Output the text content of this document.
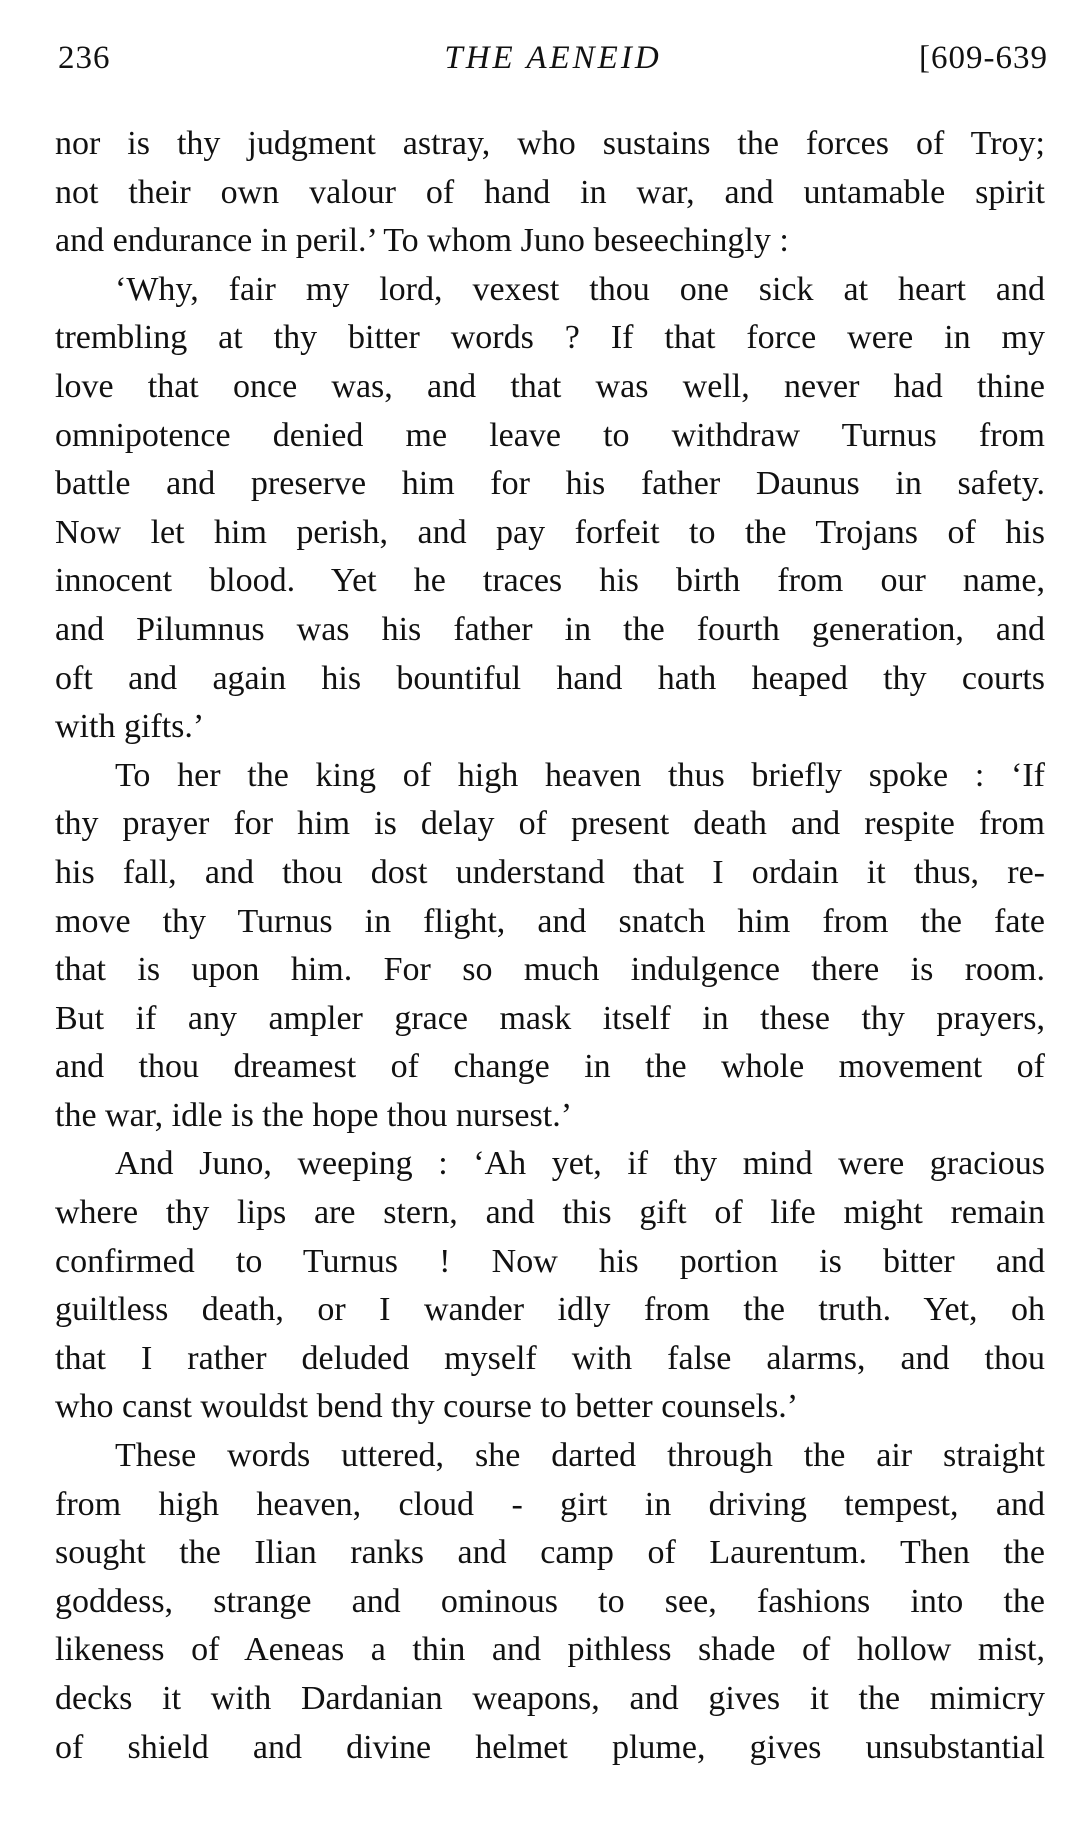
236	THE AENEID	[609-639
nor is thy judgment astray, who sustains the forces of Troy;
not their own valour of hand in war, and untamable spirit
and endurance in peril.’ To whom Juno beseechingly :
‘Why, fair my lord, vexest thou one sick at heart and
trembling at thy bitter words ? If that force were in my
love that once was, and that was well, never had thine
omnipotence denied me leave to withdraw Turnus from
battle and preserve him for his father Daunus in safety.
Now let him perish, and pay forfeit to the Trojans of his
innocent blood. Yet he traces his birth from our name,
and Pilumnus was his father in the fourth generation, and
oft and again his bountiful hand hath heaped thy courts
with gifts.’
To her the king of high heaven thus briefly spoke : ‘If
thy prayer for him is delay of present death and respite from
his fall, and thou dost understand that I ordain it thus, re-
move thy Turnus in flight, and snatch him from the fate
that is upon him. For so much indulgence there is room.
But if any ampler grace mask itself in these thy prayers,
and thou dreamest of change in the whole movement of
the war, idle is the hope thou nursest.’
And Juno, weeping : ‘Ah yet, if thy mind were gracious
where thy lips are stern, and this gift of life might remain
confirmed to Turnus ! Now his portion is bitter and
guiltless death, or I wander idly from the truth. Yet, oh
that I rather deluded myself with false alarms, and thou
who canst wouldst bend thy course to better counsels.’
These words uttered, she darted through the air straight
from high heaven, cloud - girt in driving tempest, and
sought the Ilian ranks and camp of Laurentum. Then the
goddess, strange and ominous to see, fashions into the
likeness of Aeneas a thin and pithless shade of hollow mist,
decks it with Dardanian weapons, and gives it the mimicry
of shield and divine helmet plume, gives unsubstantial
